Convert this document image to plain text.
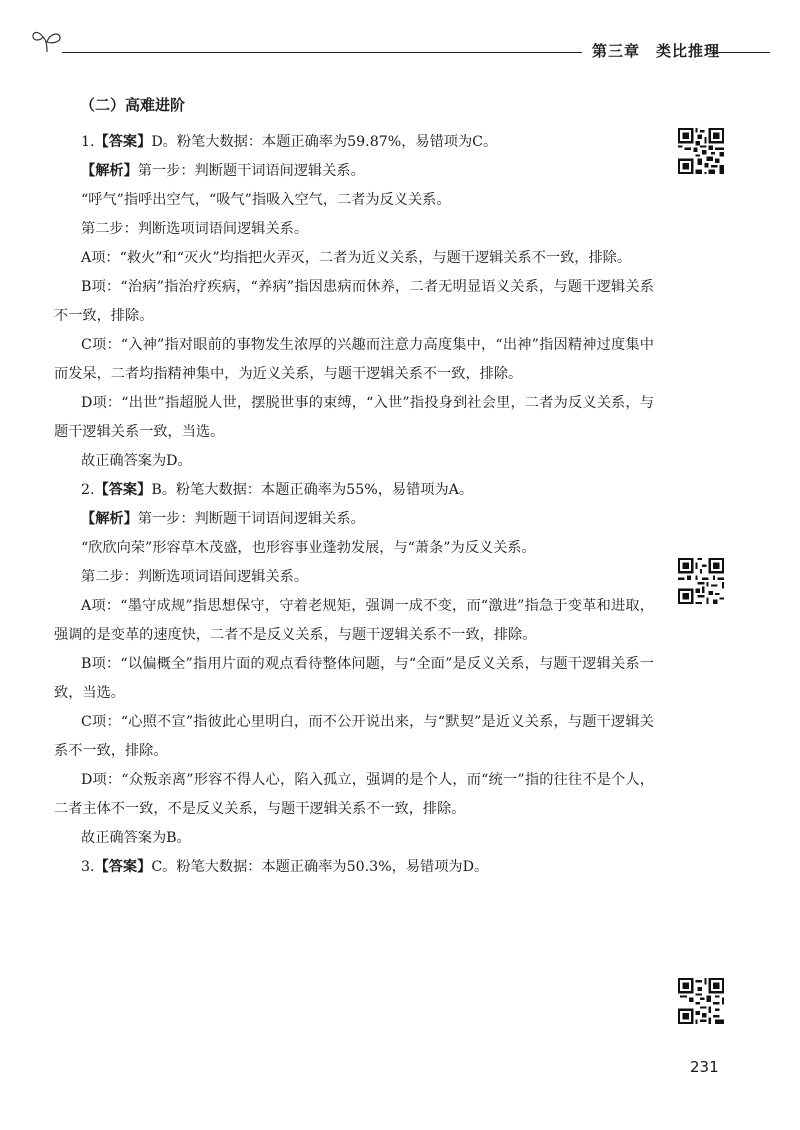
第三章　类比推理
（二）高难进阶

1.【答案】D。粉笔大数据：本题正确率为59.87%，易错项为C。

【解析】第一步：判断题干词语间逻辑关系。

“呼气”指呼出空气，“吸气”指吸入空气，二者为反义关系。

第二步：判断选项词语间逻辑关系。

A项：“救火”和“灭火”均指把火弄灭，二者为近义关系，与题干逻辑关系不一致，排除。

B项：“治病”指治疗疾病，“养病”指因患病而休养，二者无明显语义关系，与题干逻辑关系不一致，排除。

C项：“入神”指对眼前的事物发生浓厚的兴趣而注意力高度集中，“出神”指因精神过度集中而发呆，二者均指精神集中，为近义关系，与题干逻辑关系不一致，排除。

D项：“出世”指超脱人世，摆脱世事的束缚，“入世”指投身到社会里，二者为反义关系，与题干逻辑关系一致，当选。

故正确答案为D。

2.【答案】B。粉笔大数据：本题正确率为55%，易错项为A。

【解析】第一步：判断题干词语间逻辑关系。

“欣欣向荣”形容草木茂盛，也形容事业蓬勃发展，与“萧条”为反义关系。

第二步：判断选项词语间逻辑关系。

A项：“墨守成规”指思想保守，守着老规矩，强调一成不变，而“激进”指急于变革和进取，强调的是变革的速度快，二者不是反义关系，与题干逻辑关系不一致，排除。

B项：“以偏概全”指用片面的观点看待整体问题，与“全面”是反义关系，与题干逻辑关系一致，当选。

C项：“心照不宣”指彼此心里明白，而不公开说出来，与“默契”是近义关系，与题干逻辑关系不一致，排除。

D项：“众叛亲离”形容不得人心，陷入孤立，强调的是个人，而“统一”指的往往不是个人，二者主体不一致，不是反义关系，与题干逻辑关系不一致，排除。

故正确答案为B。

3.【答案】C。粉笔大数据：本题正确率为50.3%，易错项为D。

231
